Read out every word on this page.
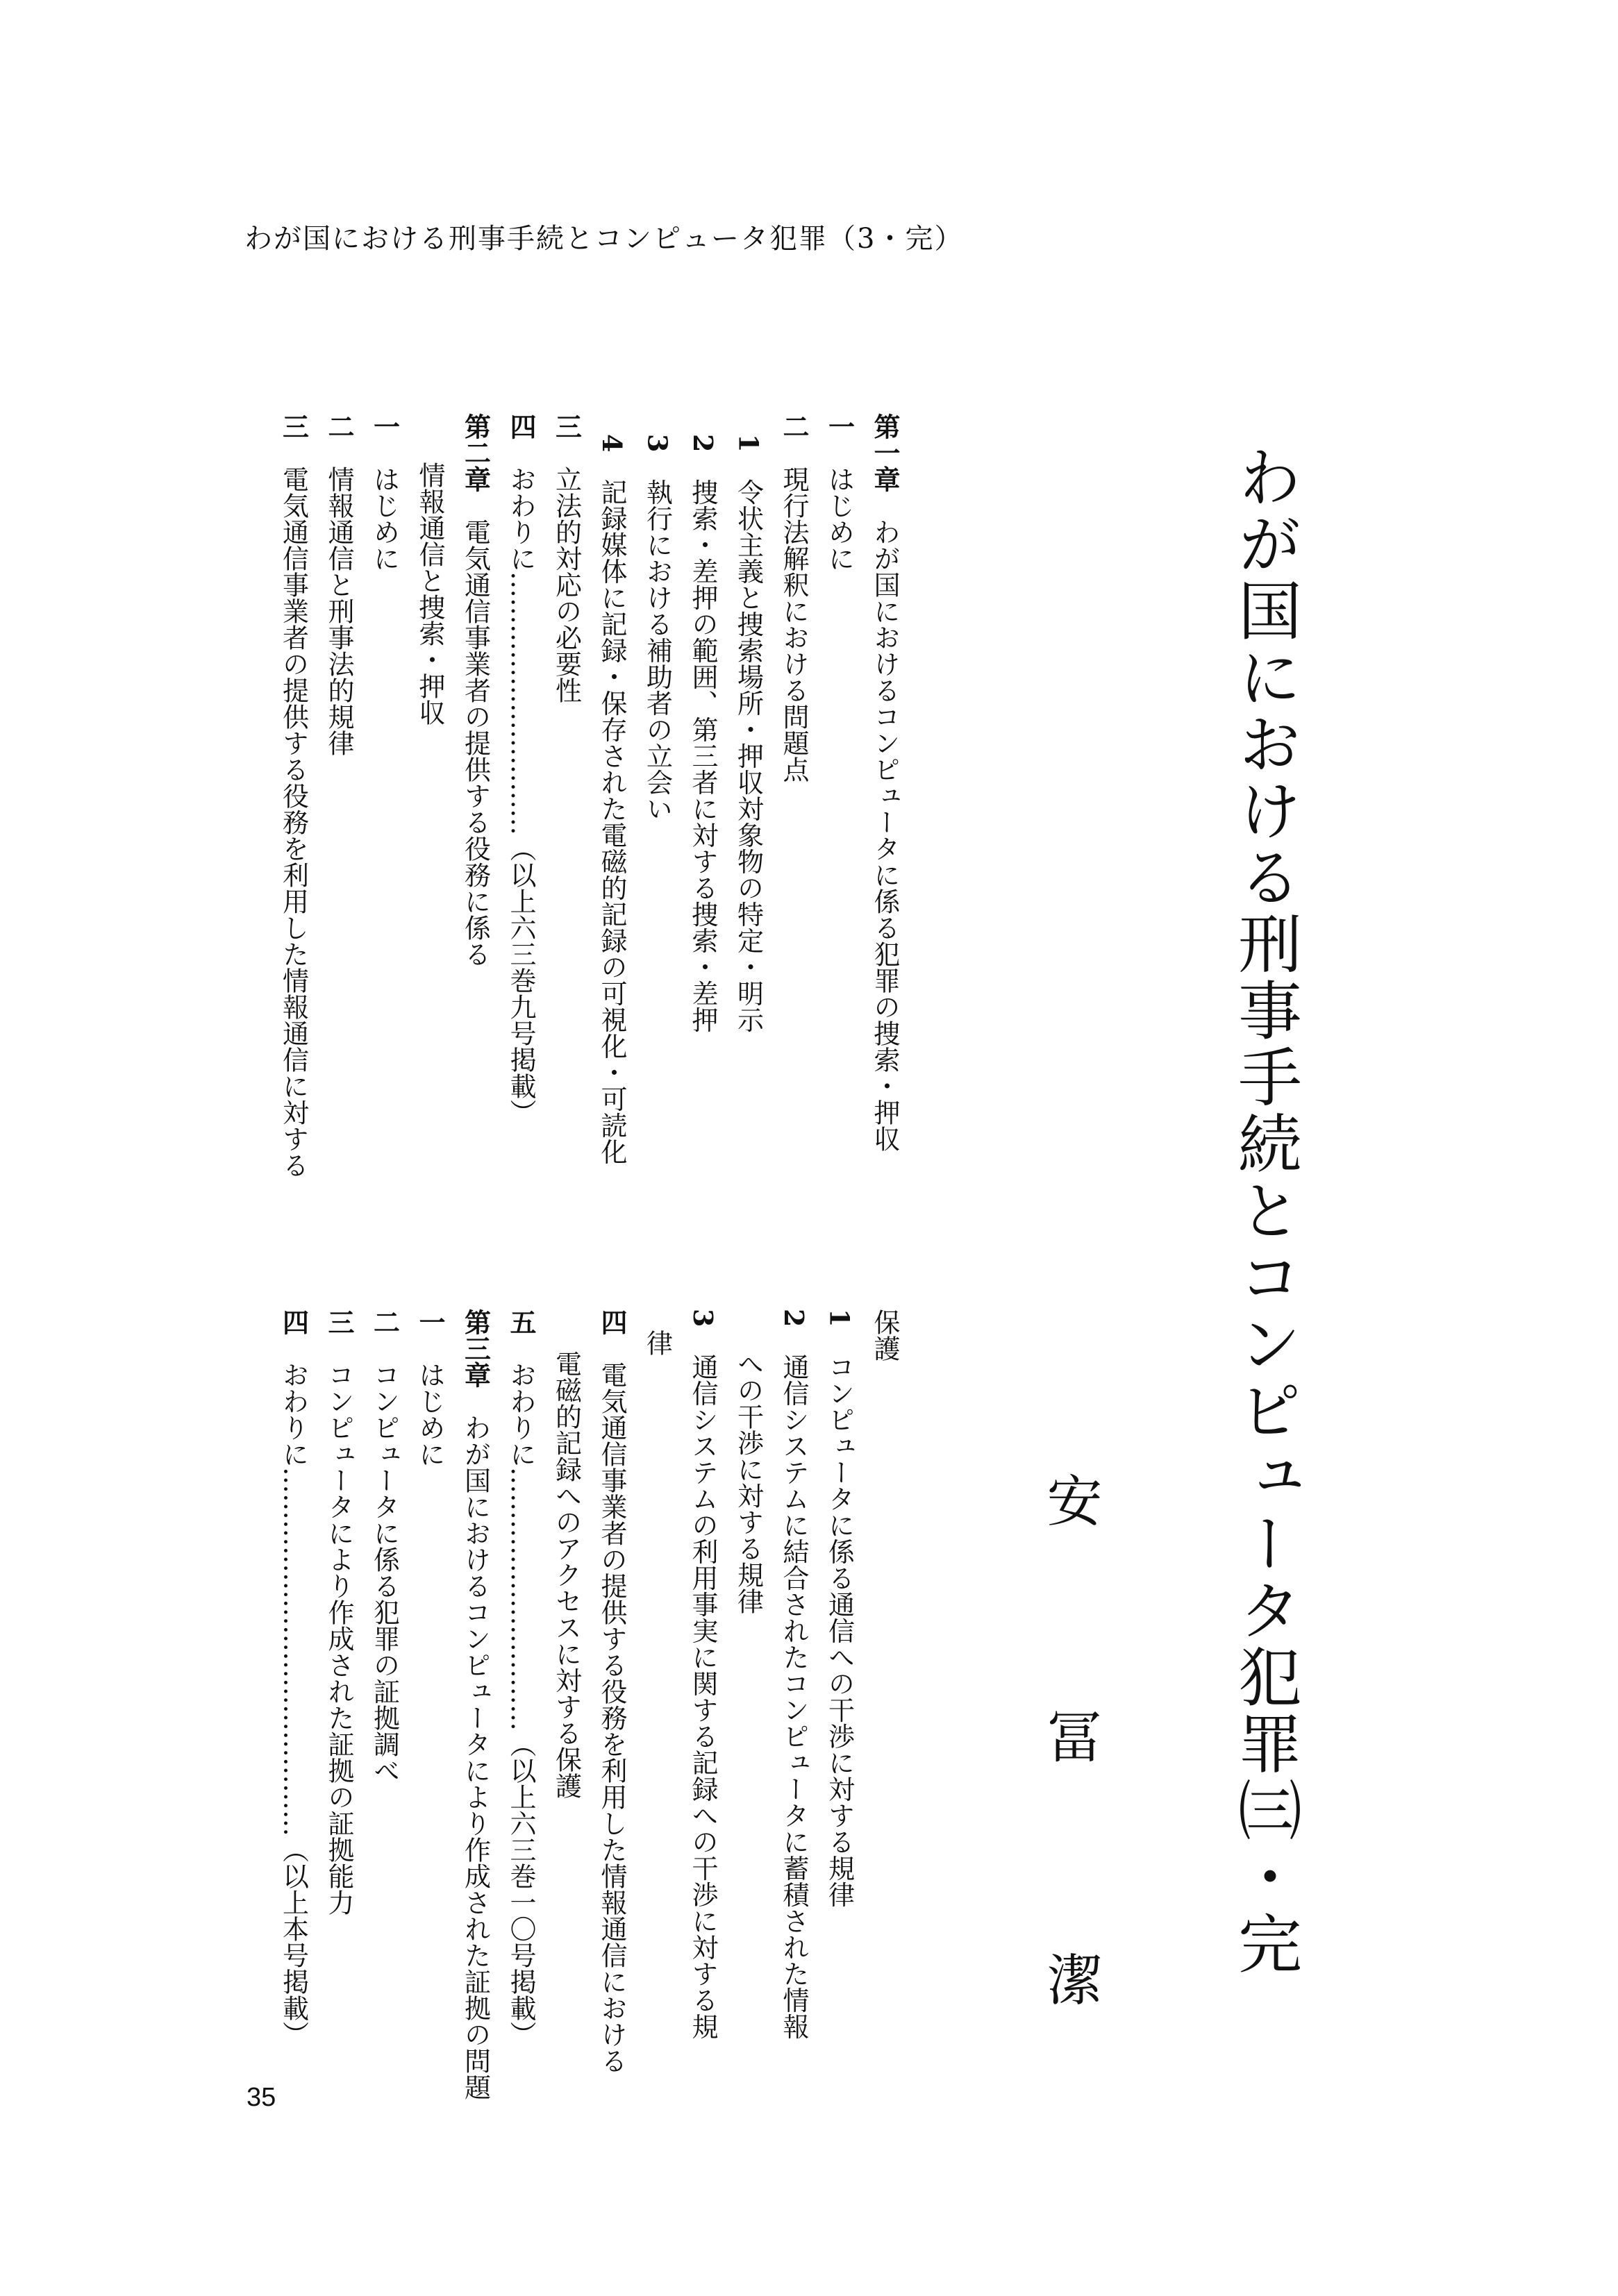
わが国における刑事手続とコンピュータ犯罪（3・完）
わが国における刑事手続とコンピュータ犯罪㈢・完
安
冨
潔
第一章　わが国におけるコンピュータに係る犯罪の捜索・押収
一　はじめに
二　現行法解釈における問題点
1　令状主義と捜索場所・押収対象物の特定・明示
2　捜索・差押の範囲、第三者に対する捜索・差押
3　執行における補助者の立会い
4　記録媒体に記録・保存された電磁的記録の可視化・可読化
三　立法的対応の必要性
四　おわりに…………………………（以上六三巻九号掲載）
第二章　電気通信事業者の提供する役務に係る
情報通信と捜索・押収
一　はじめに
二　情報通信と刑事法的規律
三　電気通信事業者の提供する役務を利用した情報通信に対する
保護
1　コンピュータに係る通信への干渉に対する規律
2　通信システムに結合されたコンピュータに蓄積された情報
への干渉に対する規律
3　通信システムの利用事実に関する記録への干渉に対する規
律
四　電気通信事業者の提供する役務を利用した情報通信における
電磁的記録へのアクセスに対する保護
五　おわりに…………………………（以上六三巻一〇号掲載）
第三章　わが国におけるコンピュータにより作成された証拠の問題
一　はじめに
二　コンピュータに係る犯罪の証拠調べ
三　コンピュータにより作成された証拠の証拠能力
四　おわりに……………………………………（以上本号掲載）
35
